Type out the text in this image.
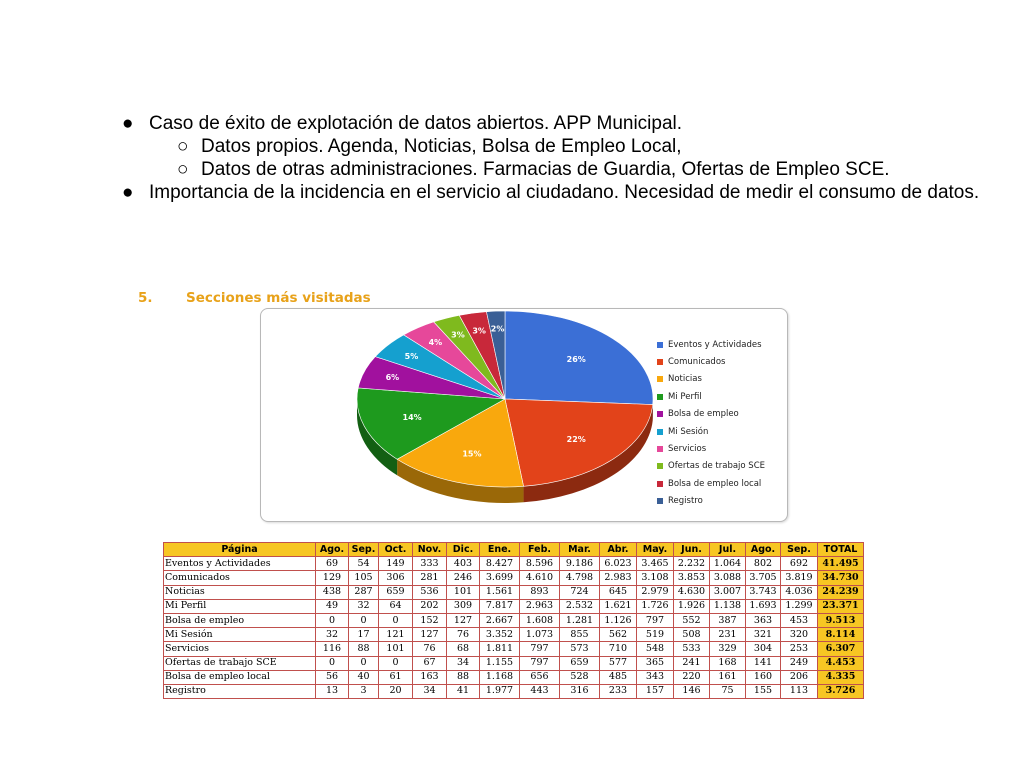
● Caso de éxito de explotación de datos abiertos. APP Municipal.
○ Datos propios. Agenda, Noticias, Bolsa de Empleo Local,
○ Datos de otras administraciones. Farmacias de Guardia, Ofertas de Empleo SCE.
● Importancia de la incidencia en el servicio al ciudadano. Necesidad de medir el consumo de datos.
5. Secciones más visitadas
26%
22%
15%
14%
6%
5%
4%
3% 3% 2%
Eventos y Actividades
Comunicados
Noticias
Mi Perfil
Bolsa de empleo
Mi Sesión
Servicios
Ofertas de trabajo SCE
Bolsa de empleo local
Registro
Página	Ago.	Sep.	Oct.	Nov.	Dic.	Ene.	Feb.	Mar.	Abr.	May.	Jun.	Jul.	Ago.	Sep.	TOTAL
Eventos y Actividades	69	54	149	333	403	8.427	8.596	9.186	6.023	3.465	2.232	1.064	802	692	41.495
Comunicados	129	105	306	281	246	3.699	4.610	4.798	2.983	3.108	3.853	3.088	3.705	3.819	34.730
Noticias	438	287	659	536	101	1.561	893	724	645	2.979	4.630	3.007	3.743	4.036	24.239
Mi Perfil	49	32	64	202	309	7.817	2.963	2.532	1.621	1.726	1.926	1.138	1.693	1.299	23.371
Bolsa de empleo	0	0	0	152	127	2.667	1.608	1.281	1.126	797	552	387	363	453	9.513
Mi Sesión	32	17	121	127	76	3.352	1.073	855	562	519	508	231	321	320	8.114
Servicios	116	88	101	76	68	1.811	797	573	710	548	533	329	304	253	6.307
Ofertas de trabajo SCE	0	0	0	67	34	1.155	797	659	577	365	241	168	141	249	4.453
Bolsa de empleo local	56	40	61	163	88	1.168	656	528	485	343	220	161	160	206	4.335
Registro	13	3	20	34	41	1.977	443	316	233	157	146	75	155	113	3.726
